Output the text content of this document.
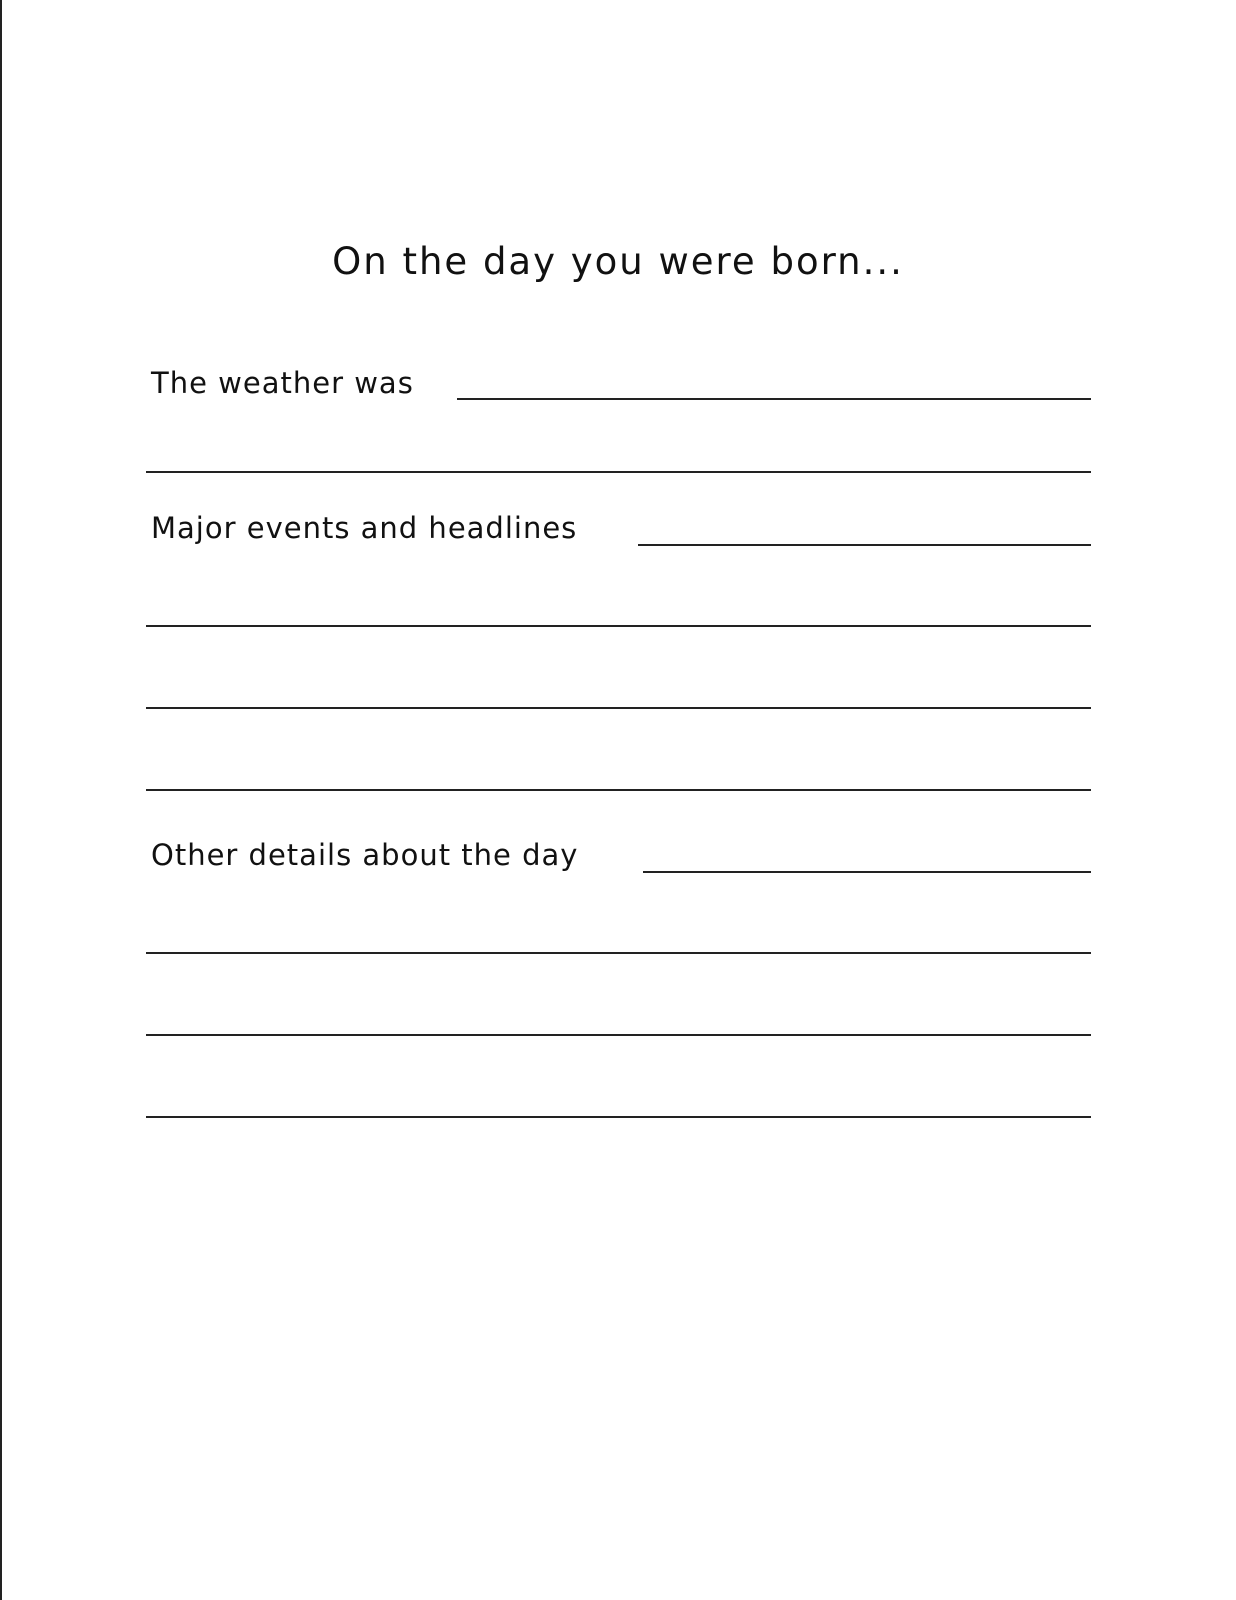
On the day you were born...
The weather was
Major events and headlines
Other details about the day
